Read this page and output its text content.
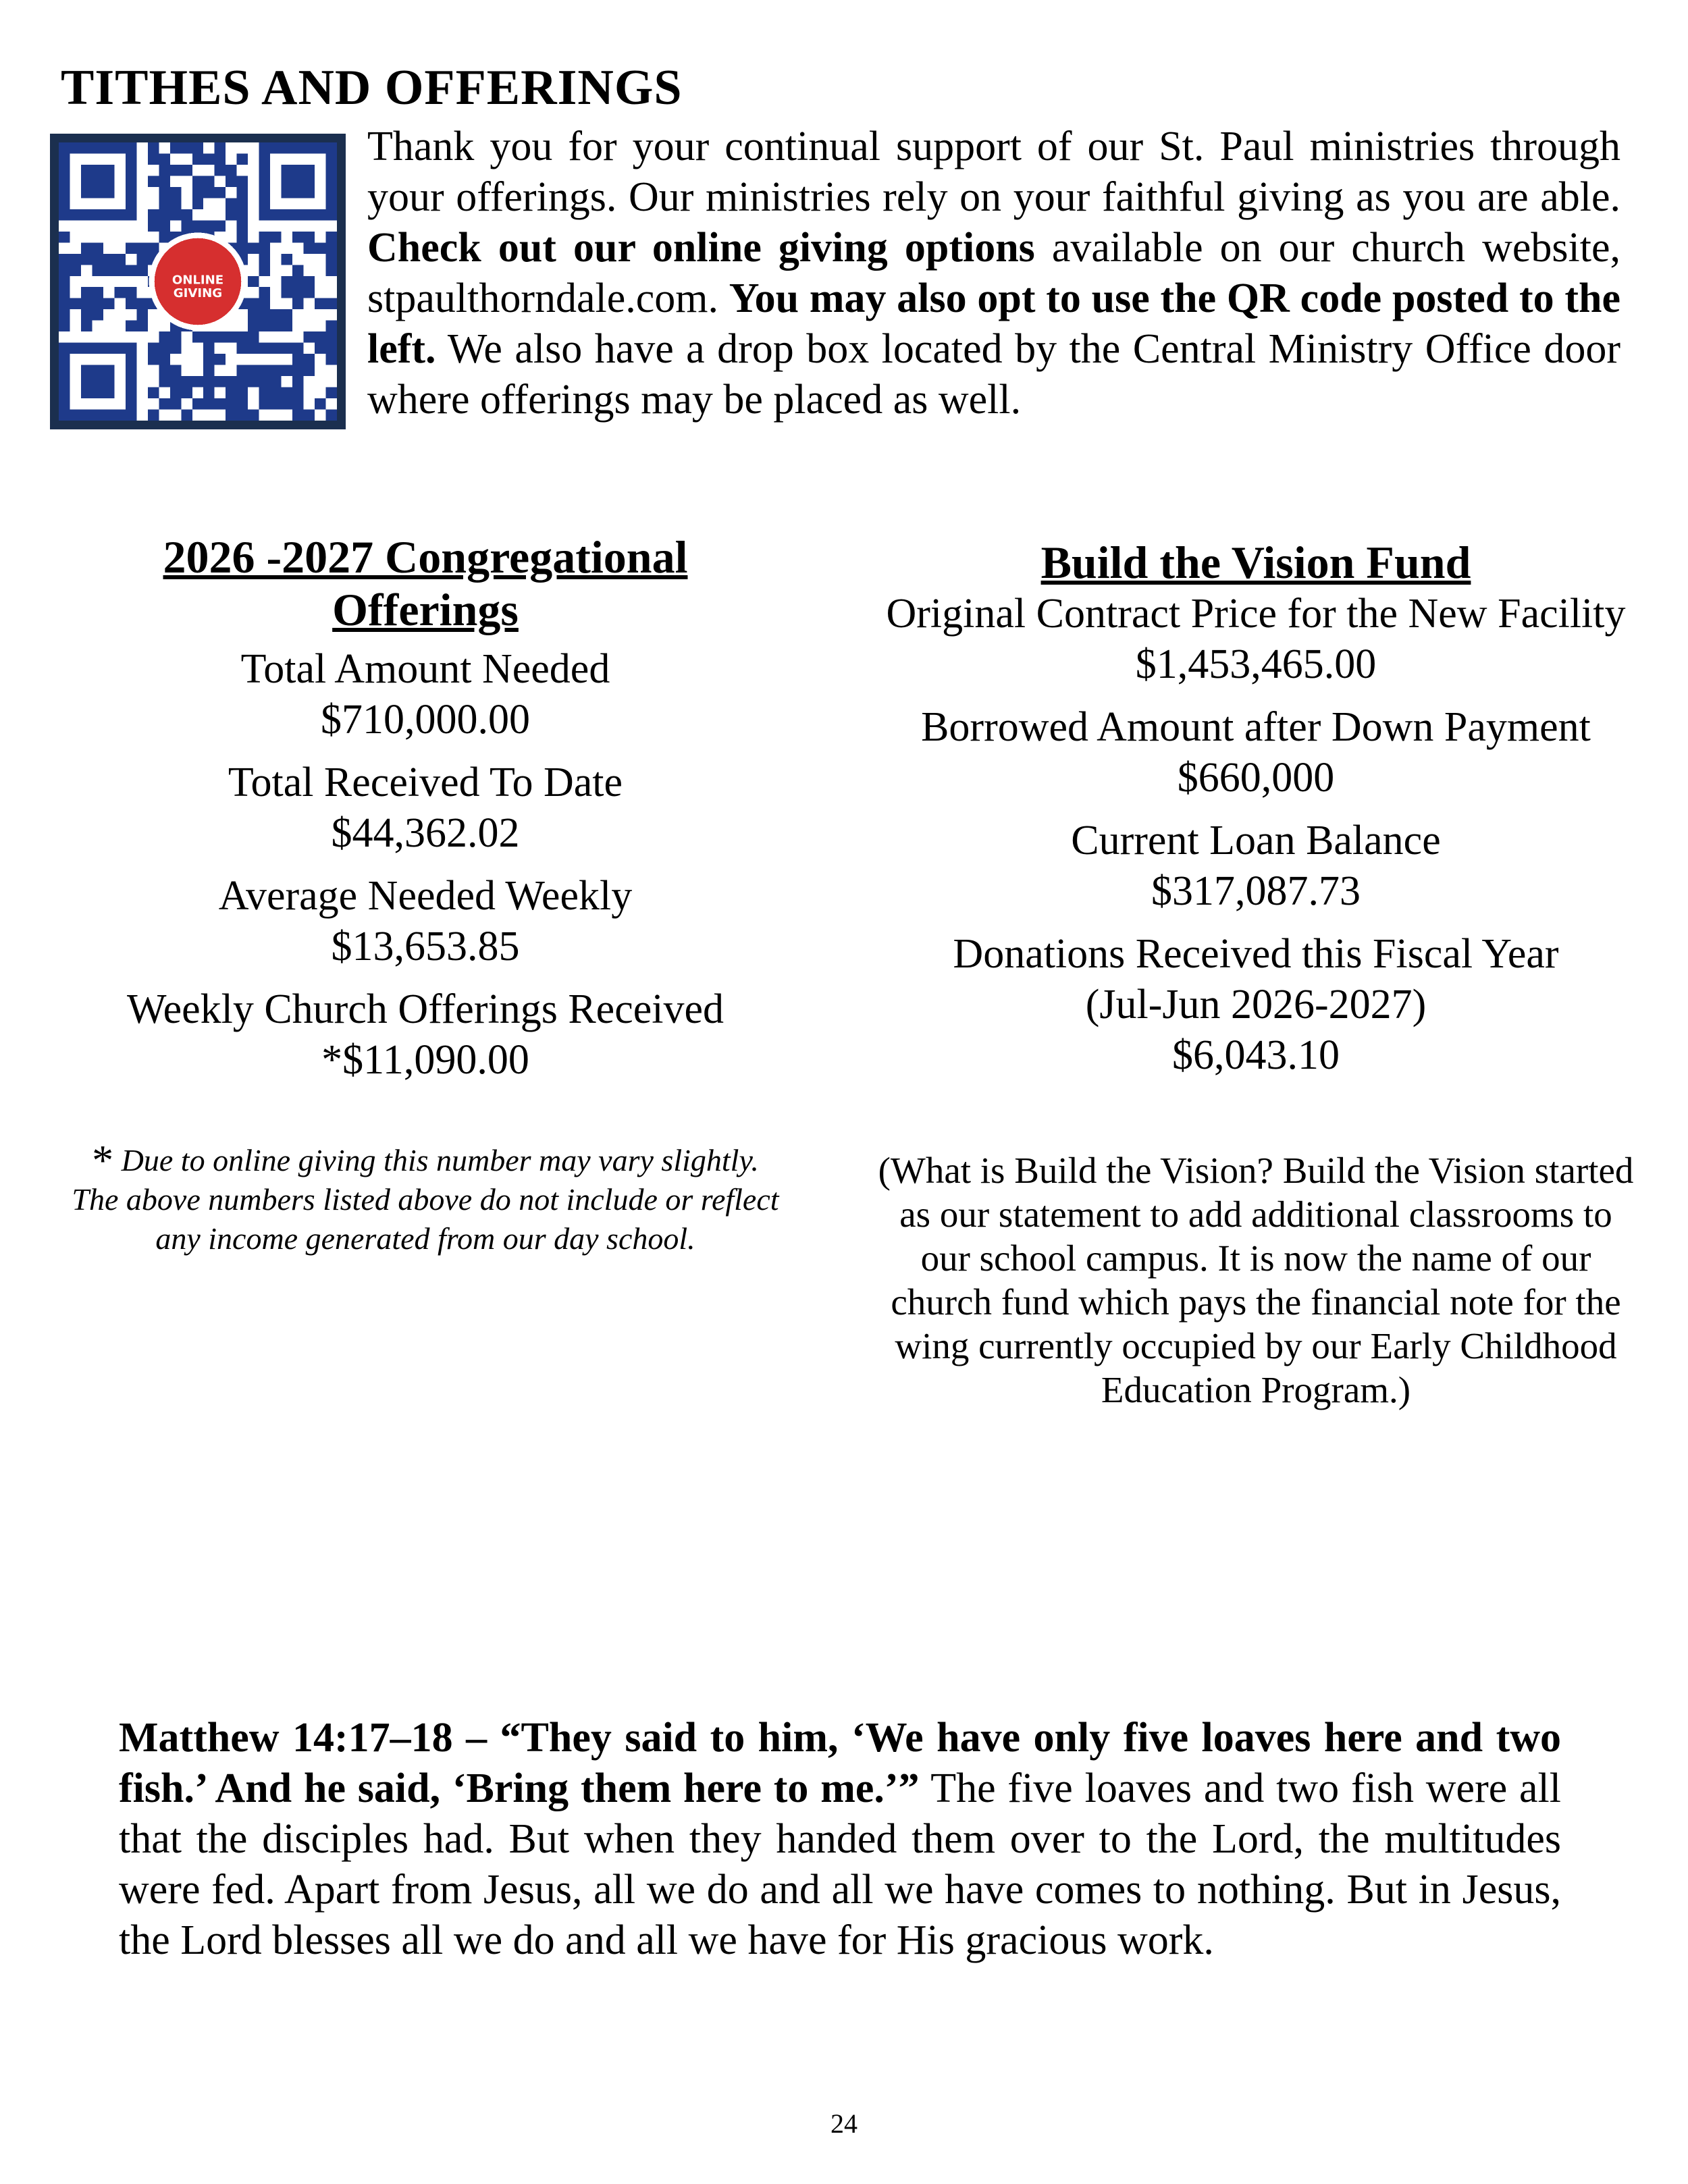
TITHES AND OFFERINGS
ONLINE
GIVING

Thank you for your continual support of our St. Paul ministries through your offerings. Our ministries rely on your faithful giving as you are able. Check out our online giving options available on our church website, stpaulthorndale.com. You may also opt to use the QR code posted to the left. We also have a drop box located by the Central Ministry Office door where offerings may be placed as well.

2026 -2027 Congregational Offerings

Total Amount Needed

$710,000.00

Total Received To Date

$44,362.02

Average Needed Weekly

$13,653.85

Weekly Church Offerings Received

*$11,090.00

* Due to online giving this number may vary slightly. The above numbers listed above do not include or reflect any income generated from our day school.

Build the Vision Fund

Original Contract Price for the New Facility

$1,453,465.00

Borrowed Amount after Down Payment

$660,000

Current Loan Balance

$317,087.73

Donations Received this Fiscal Year

(Jul-Jun 2026-2027)

$6,043.10

(What is Build the Vision? Build the Vision started as our statement to add additional classrooms to our school campus. It is now the name of our church fund which pays the financial note for the wing currently occupied by our Early Childhood Education Program.)

Matthew 14:17–18 – “They said to him, ‘We have only five loaves here and two fish.’ And he said, ‘Bring them here to me.’” The five loaves and two fish were all that the disciples had. But when they handed them over to the Lord, the multitudes were fed. Apart from Jesus, all we do and all we have comes to nothing. But in Jesus, the Lord blesses all we do and all we have for His gracious work.

24
